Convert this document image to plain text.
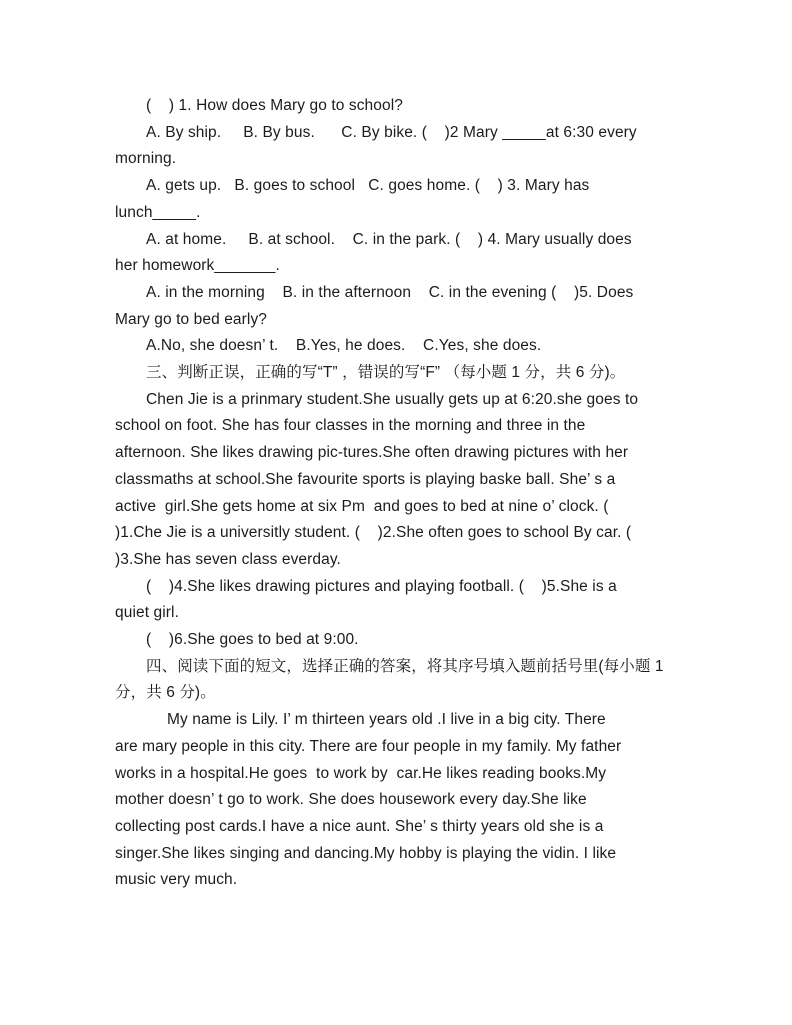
(    ) 1. How does Mary go to school?
A. By ship.     B. By bus.      C. By bike. (    )2 Mary _____at 6:30 every
morning.
A. gets up.   B. goes to school   C. goes home. (    ) 3. Mary has
lunch_____.
A. at home.     B. at school.    C. in the park. (    ) 4. Mary usually does
her homework_______.
A. in the morning    B. in the afternoon    C. in the evening (    )5. Does
Mary go to bed early?
A.No, she doesn’ t.    B.Yes, he does.    C.Yes, she does.
三、判断正误，正确的写“T” ，错误的写“F” （每小题 1 分，共 6 分)。
Chen Jie is a prinmary student.She usually gets up at 6:20.she goes to
school on foot. She has four classes in the morning and three in the
afternoon. She likes drawing pic-tures.She often drawing pictures with her
classmaths at school.She favourite sports is playing baske ball. She’ s a
active  girl.She gets home at six Pm  and goes to bed at nine o’ clock. (
)1.Che Jie is a universitly student. (    )2.She often goes to school By car. (
)3.She has seven class everday.
(    )4.She likes drawing pictures and playing football. (    )5.She is a
quiet girl.
(    )6.She goes to bed at 9:00.
四、阅读下面的短文，选择正确的答案，将其序号填入题前括号里(每小题 1
分，共 6 分)。
My name is Lily. I’ m thirteen years old .I live in a big city. There
are mary people in this city. There are four people in my family. My father
works in a hospital.He goes  to work by  car.He likes reading books.My
mother doesn’ t go to work. She does housework every day.She like
collecting post cards.I have a nice aunt. She’ s thirty years old she is a
singer.She likes singing and dancing.My hobby is playing the vidin. I like
music very much.
